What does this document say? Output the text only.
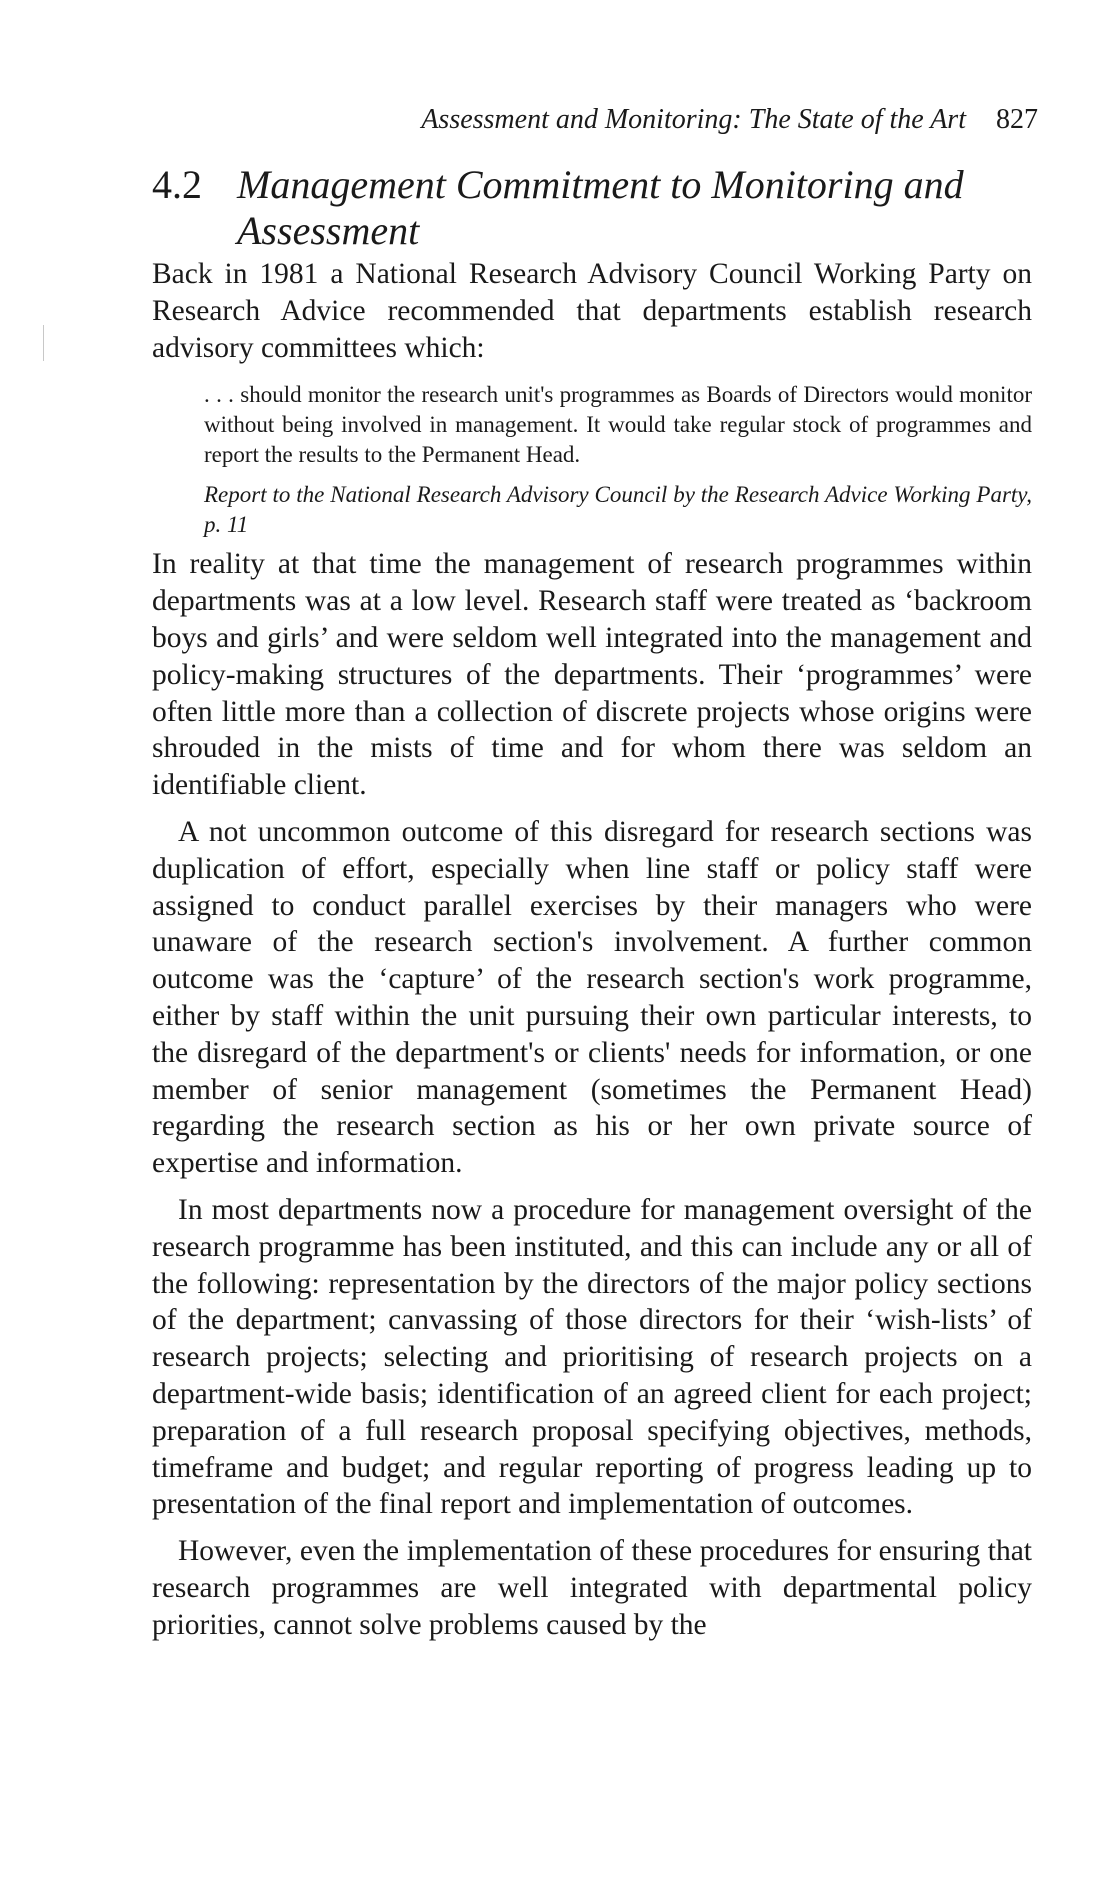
Assessment and Monitoring: The State of the Art 827
4.2 Management Commitment to Monitoring and Assessment

Back in 1981 a National Research Advisory Council Working Party on Research Advice recommended that departments establish research advisory committees which:

. . . should monitor the research unit's programmes as Boards of Directors would monitor without being involved in management. It would take regular stock of programmes and report the results to the Permanent Head.
Report to the National Research Advisory Council by the Research Advice Working Party, p. 11

In reality at that time the management of research programmes within departments was at a low level. Research staff were treated as ‘backroom boys and girls’ and were seldom well integrated into the management and policy-making structures of the departments. Their ‘programmes’ were often little more than a collection of discrete projects whose origins were shrouded in the mists of time and for whom there was seldom an identifiable client.

A not uncommon outcome of this disregard for research sections was duplication of effort, especially when line staff or policy staff were assigned to conduct parallel exercises by their managers who were unaware of the research section's involvement. A further common outcome was the ‘capture’ of the research section's work programme, either by staff within the unit pursuing their own particular interests, to the disregard of the department's or clients' needs for information, or one member of senior management (sometimes the Permanent Head) regarding the research section as his or her own private source of expertise and information.

In most departments now a procedure for management oversight of the research programme has been instituted, and this can include any or all of the following: representation by the directors of the major policy sections of the department; canvassing of those directors for their ‘wish-lists’ of research projects; selecting and prioritising of research projects on a department-wide basis; identification of an agreed client for each project; preparation of a full research proposal specifying objectives, methods, timeframe and budget; and regular reporting of progress leading up to presentation of the final report and implementation of outcomes.

However, even the implementation of these procedures for ensuring that research programmes are well integrated with departmental policy priorities, cannot solve problems caused by the
